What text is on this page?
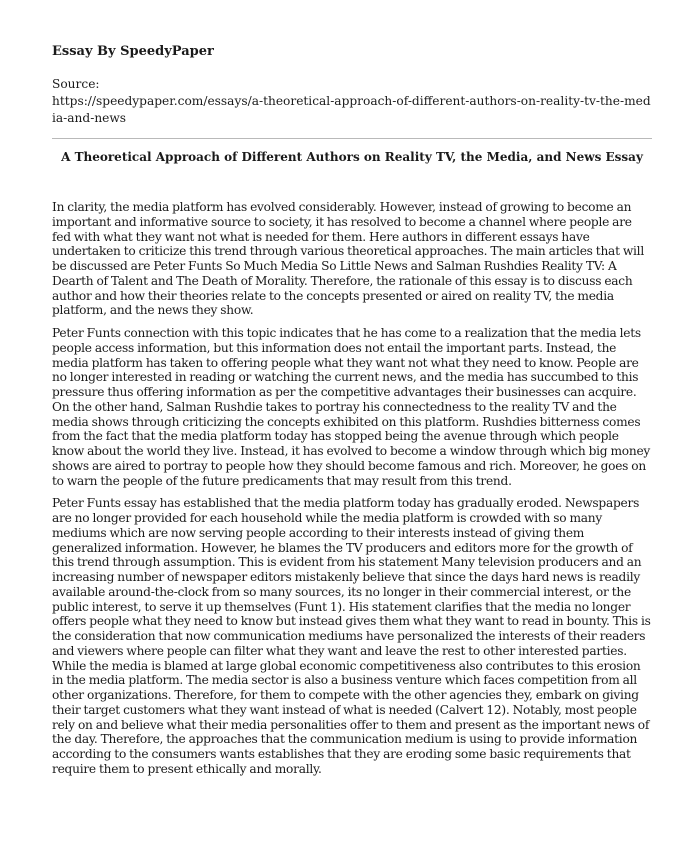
Essay By SpeedyPaper
Source:
https://speedypaper.com/essays/a-theoretical-approach-of-different-authors-on-reality-tv-the-media-and-news
A Theoretical Approach of Different Authors on Reality TV, the Media, and News Essay

In clarity, the media platform has evolved considerably. However, instead of growing to become an important and informative source to society, it has resolved to become a channel where people are fed with what they want not what is needed for them. Here authors in different essays have undertaken to criticize this trend through various theoretical approaches. The main articles that will be discussed are Peter Funts So Much Media So Little News and Salman Rushdies Reality TV: A Dearth of Talent and The Death of Morality. Therefore, the rationale of this essay is to discuss each author and how their theories relate to the concepts presented or aired on reality TV, the media platform, and the news they show.

Peter Funts connection with this topic indicates that he has come to a realization that the media lets people access information, but this information does not entail the important parts. Instead, the media platform has taken to offering people what they want not what they need to know. People are no longer interested in reading or watching the current news, and the media has succumbed to this pressure thus offering information as per the competitive advantages their businesses can acquire. On the other hand, Salman Rushdie takes to portray his connectedness to the reality TV and the media shows through criticizing the concepts exhibited on this platform. Rushdies bitterness comes from the fact that the media platform today has stopped being the avenue through which people know about the world they live. Instead, it has evolved to become a window through which big money shows are aired to portray to people how they should become famous and rich. Moreover, he goes on to warn the people of the future predicaments that may result from this trend.

Peter Funts essay has established that the media platform today has gradually eroded. Newspapers are no longer provided for each household while the media platform is crowded with so many mediums which are now serving people according to their interests instead of giving them generalized information. However, he blames the TV producers and editors more for the growth of this trend through assumption. This is evident from his statement Many television producers and an increasing number of newspaper editors mistakenly believe that since the days hard news is readily available around-the-clock from so many sources, its no longer in their commercial interest, or the public interest, to serve it up themselves (Funt 1). His statement clarifies that the media no longer offers people what they need to know but instead gives them what they want to read in bounty. This is the consideration that now communication mediums have personalized the interests of their readers and viewers where people can filter what they want and leave the rest to other interested parties. While the media is blamed at large global economic competitiveness also contributes to this erosion in the media platform. The media sector is also a business venture which faces competition from all other organizations. Therefore, for them to compete with the other agencies they, embark on giving their target customers what they want instead of what is needed (Calvert 12). Notably, most people rely on and believe what their media personalities offer to them and present as the important news of the day. Therefore, the approaches that the communication medium is using to provide information according to the consumers wants establishes that they are eroding some basic requirements that require them to present ethically and morally.
